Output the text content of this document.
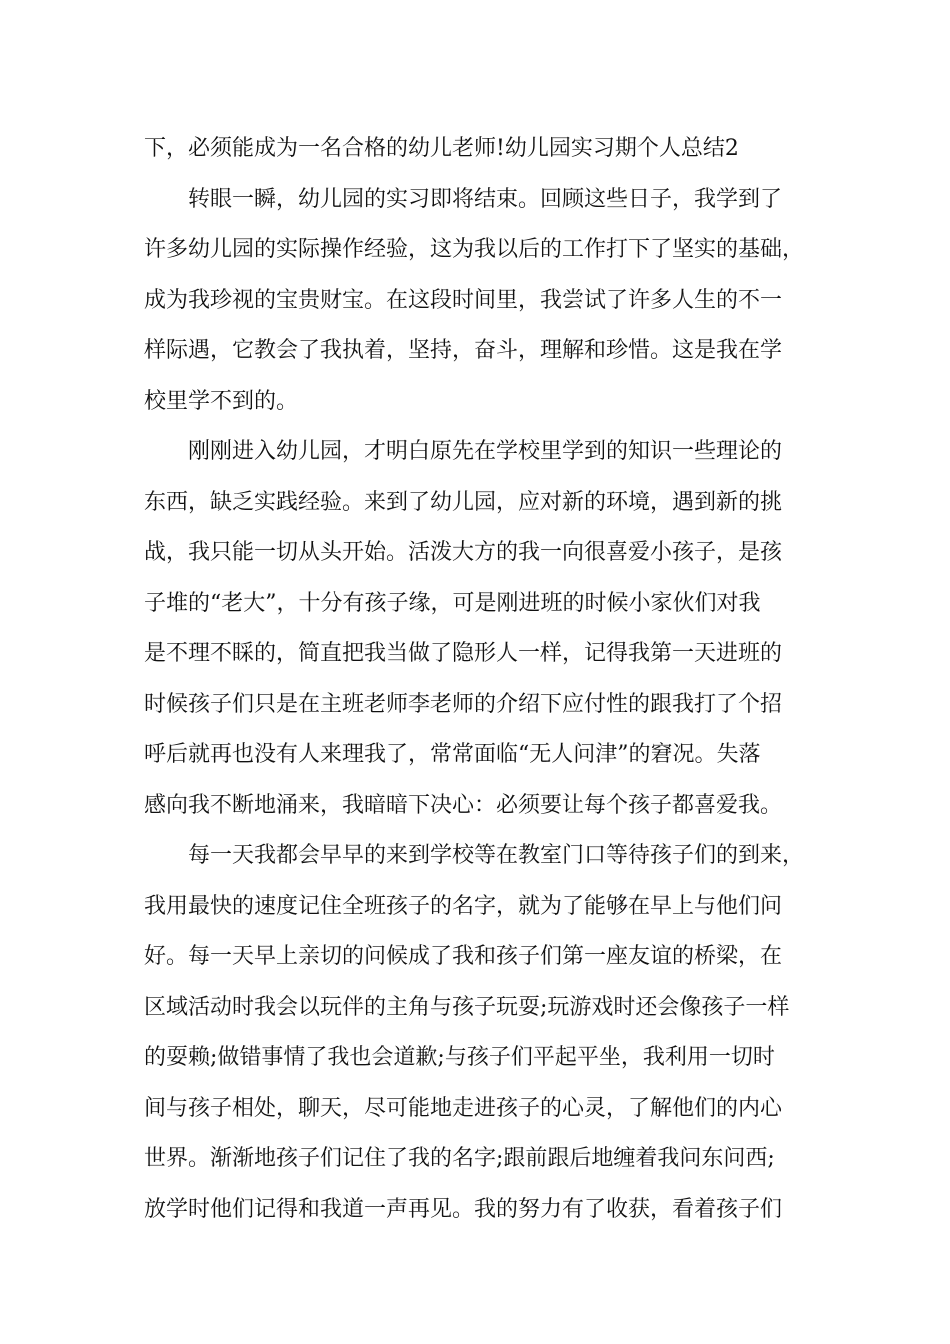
下，必须能成为一名合格的幼儿老师!幼儿园实习期个人总结2
转眼一瞬，幼儿园的实习即将结束。回顾这些日子，我学到了
许多幼儿园的实际操作经验，这为我以后的工作打下了坚实的基础，
成为我珍视的宝贵财宝。在这段时间里，我尝试了许多人生的不一
样际遇，它教会了我执着，坚持，奋斗，理解和珍惜。这是我在学
校里学不到的。
刚刚进入幼儿园，才明白原先在学校里学到的知识一些理论的
东西，缺乏实践经验。来到了幼儿园，应对新的环境，遇到新的挑
战，我只能一切从头开始。活泼大方的我一向很喜爱小孩子，是孩
子堆的“老大”，十分有孩子缘，可是刚进班的时候小家伙们对我
是不理不睬的，简直把我当做了隐形人一样，记得我第一天进班的
时候孩子们只是在主班老师李老师的介绍下应付性的跟我打了个招
呼后就再也没有人来理我了，常常面临“无人问津”的窘况。失落
感向我不断地涌来，我暗暗下决心：必须要让每个孩子都喜爱我。
每一天我都会早早的来到学校等在教室门口等待孩子们的到来，
我用最快的速度记住全班孩子的名字，就为了能够在早上与他们问
好。每一天早上亲切的问候成了我和孩子们第一座友谊的桥梁，在
区域活动时我会以玩伴的主角与孩子玩耍;玩游戏时还会像孩子一样
的耍赖;做错事情了我也会道歉;与孩子们平起平坐，我利用一切时
间与孩子相处，聊天，尽可能地走进孩子的心灵，了解他们的内心
世界。渐渐地孩子们记住了我的名字;跟前跟后地缠着我问东问西;
放学时他们记得和我道一声再见。我的努力有了收获，看着孩子们
